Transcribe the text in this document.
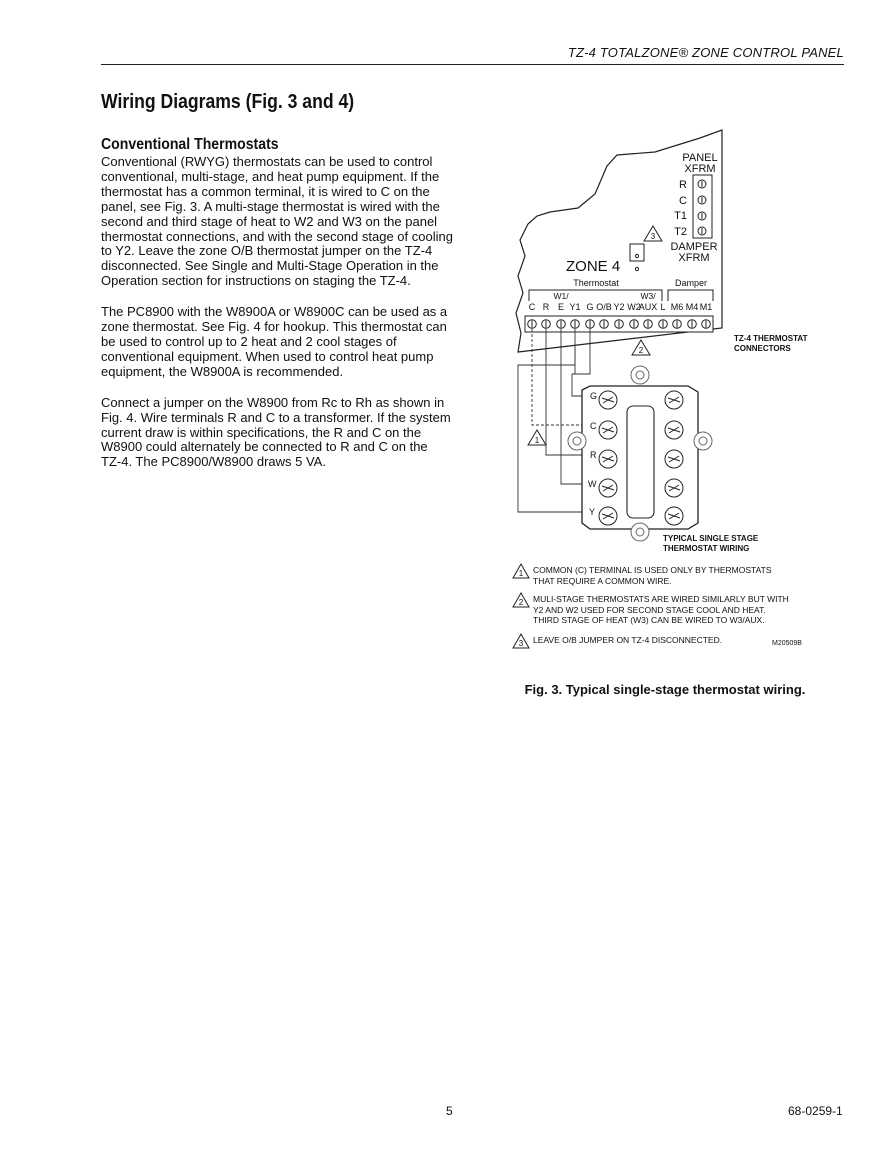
TZ-4 TOTALZONE® ZONE CONTROL PANEL
Wiring Diagrams (Fig. 3 and 4)
Conventional Thermostats

Conventional (RWYG) thermostats can be used to control
conventional, multi-stage, and heat pump equipment. If the
thermostat has a common terminal, it is wired to C on the
panel, see Fig. 3. A multi-stage thermostat is wired with the
second and third stage of heat to W2 and W3 on the panel
thermostat connections, and with the second stage of cooling
to Y2. Leave the zone O/B thermostat jumper on the TZ-4
disconnected. See Single and Multi-Stage Operation in the
Operation section for instructions on staging the TZ-4.

The PC8900 with the W8900A or W8900C can be used as a
zone thermostat. See Fig. 4 for hookup. This thermostat can
be used to control up to 2 heat and 2 cool stages of
conventional equipment. When used to control heat pump
equipment, the W8900A is recommended.

Connect a jumper on the W8900 from Rc to Rh as shown in
Fig. 4. Wire terminals R and C to a transformer. If the system
current draw is within specifications, the R and C on the
W8900 could alternately be connected to R and C on the
TZ-4. The PC8900/W8900 draws 5 VA.

PANEL
XFRM
R
C
T1
T2
DAMPER
XFRM
3
ZONE 4
Thermostat	Damper
W1/	W3/
C R E Y1 G O/B Y2 W2
AUX L M6 M4 M1
2
TZ-4 THERMOSTAT
CONNECTORS
1
G
C
R
W
Y
TYPICAL SINGLE STAGE
THERMOSTAT WIRING
1 COMMON (C) TERMINAL IS USED ONLY BY THERMOSTATS
THAT REQUIRE A COMMON WIRE.
2 MULI-STAGE THERMOSTATS ARE WIRED SIMILARLY BUT WITH
Y2 AND W2 USED FOR SECOND STAGE COOL AND HEAT.
THIRD STAGE OF HEAT (W3) CAN BE WIRED TO W3/AUX.
3 LEAVE O/B JUMPER ON TZ-4 DISCONNECTED.	M20509B
Fig. 3. Typical single-stage thermostat wiring.
5	68-0259-1
